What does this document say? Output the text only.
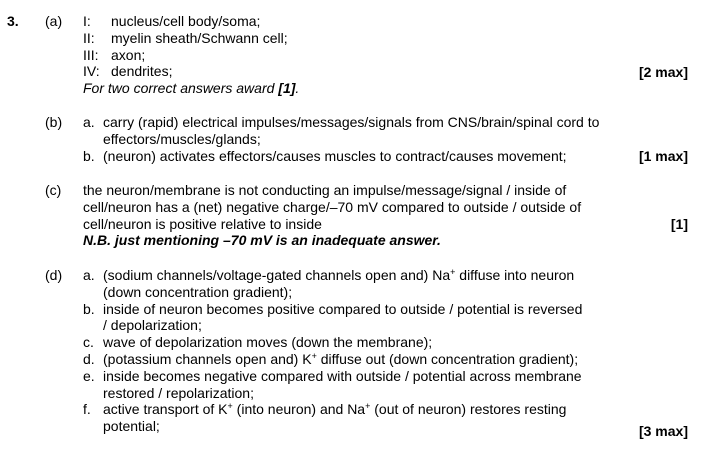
3. (a) I: nucleus/cell body/soma;
II: myelin sheath/Schwann cell;
III: axon;
IV: dendrites;
For two correct answers award [1].
[2 max]
(b) a. carry (rapid) electrical impulses/messages/signals from CNS/brain/spinal cord to
effectors/muscles/glands;
b. (neuron) activates effectors/causes muscles to contract/causes movement;	[1 max]
(c) the neuron/membrane is not conducting an impulse/message/signal / inside of
cell/neuron has a (net) negative charge/–70 mV compared to outside / outside of
cell/neuron is positive relative to inside
N.B. just mentioning –70 mV is an inadequate answer.
[1]
(d) a. (sodium channels/voltage-gated channels open and) Na+ diffuse into neuron
(down concentration gradient);
b. inside of neuron becomes positive compared to outside / potential is reversed
/ depolarization;
c. wave of depolarization moves (down the membrane);
d. (potassium channels open and) K+ diffuse out (down concentration gradient);
e. inside becomes negative compared with outside / potential across membrane
restored / repolarization;
f. active transport of K+ (into neuron) and Na+ (out of neuron) restores resting
potential;	[3 max]
